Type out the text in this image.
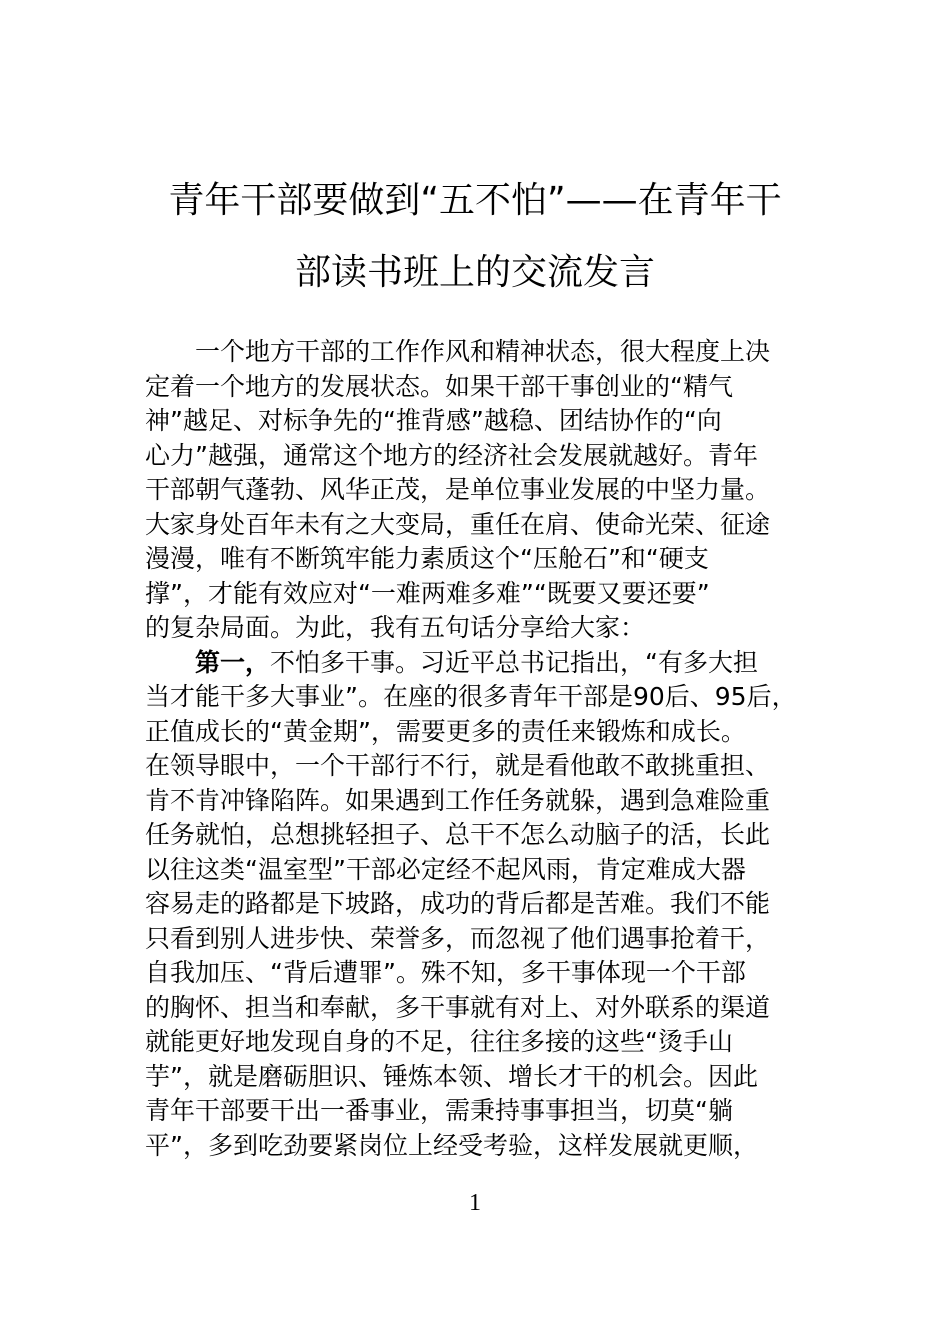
青年干部要做到“五不怕”——在青年干
部读书班上的交流发言
一个地方干部的工作作风和精神状态，很大程度上决
定着一个地方的发展状态。如果干部干事创业的“精气
神”越足、对标争先的“推背感”越稳、团结协作的“向
心力”越强，通常这个地方的经济社会发展就越好。青年
干部朝气蓬勃、风华正茂，是单位事业发展的中坚力量。
大家身处百年未有之大变局，重任在肩、使命光荣、征途
漫漫，唯有不断筑牢能力素质这个“压舱石”和“硬支
撑”，才能有效应对“一难两难多难”“既要又要还要”
的复杂局面。为此，我有五句话分享给大家：
第一，不怕多干事。习近平总书记指出，“有多大担
当才能干多大事业”。在座的很多青年干部是90后、95后，
正值成长的“黄金期”，需要更多的责任来锻炼和成长。
在领导眼中，一个干部行不行，就是看他敢不敢挑重担、
肯不肯冲锋陷阵。如果遇到工作任务就躲，遇到急难险重
任务就怕，总想挑轻担子、总干不怎么动脑子的活，长此
以往这类“温室型”干部必定经不起风雨，肯定难成大器
容易走的路都是下坡路，成功的背后都是苦难。我们不能
只看到别人进步快、荣誉多，而忽视了他们遇事抢着干，
自我加压、“背后遭罪”。殊不知，多干事体现一个干部
的胸怀、担当和奉献，多干事就有对上、对外联系的渠道
就能更好地发现自身的不足，往往多接的这些“烫手山
芋”，就是磨砺胆识、锤炼本领、增长才干的机会。因此
青年干部要干出一番事业，需秉持事事担当，切莫“躺
平”，多到吃劲要紧岗位上经受考验，这样发展就更顺，
1
